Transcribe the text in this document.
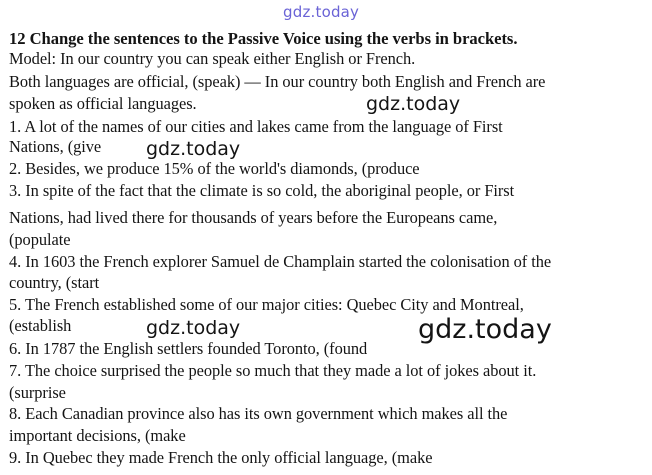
gdz.today
12 Change the sentences to the Passive Voice using the verbs in brackets.
Model: In our country you can speak either English or French.
Both languages are official, (speak) — In our country both English and French are
spoken as official languages.
1. A lot of the names of our cities and lakes came from the language of First
Nations, (give
2. Besides, we produce 15% of the world's diamonds, (produce
3. In spite of the fact that the climate is so cold, the aboriginal people, or First
Nations, had lived there for thousands of years before the Europeans came,
(populate
4. In 1603 the French explorer Samuel de Champlain started the colonisation of the
country, (start
5. The French established some of our major cities: Quebec City and Montreal,
(establish
6. In 1787 the English settlers founded Toronto, (found
7. The choice surprised the people so much that they made a lot of jokes about it.
(surprise
8. Each Canadian province also has its own government which makes all the
important decisions, (make
9. In Quebec they made French the only official language, (make
gdz.today
gdz.today
gdz.today	gdz.today
